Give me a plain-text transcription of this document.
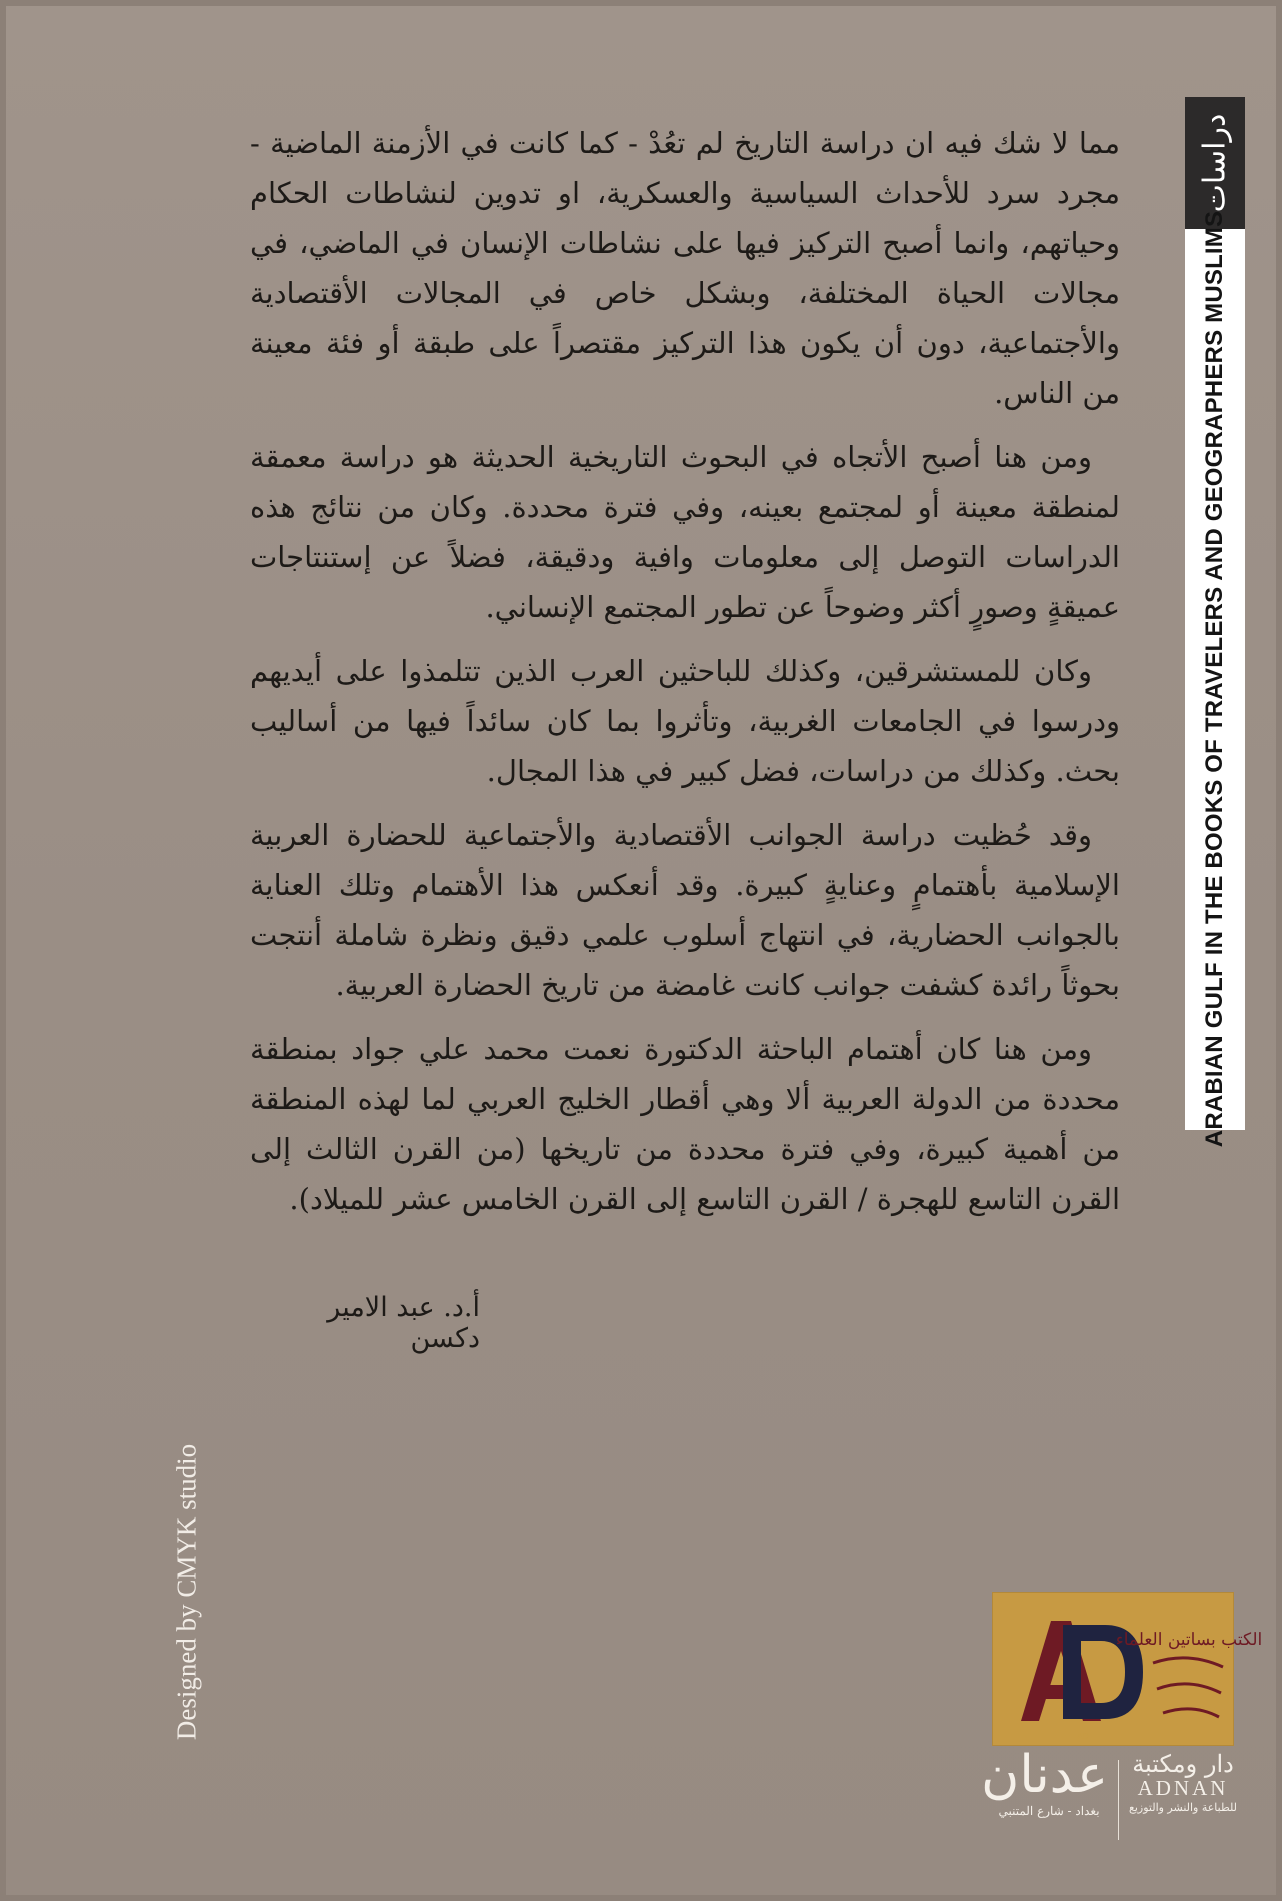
مما لا شك فيه ان دراسة التاريخ لم تعُدْ - كما كانت في الأزمنة الماضية - مجرد سرد للأحداث السياسية والعسكرية، او تدوين لنشاطات الحكام وحياتهم، وانما أصبح التركيز فيها على نشاطات الإنسان في الماضي، في مجالات الحياة المختلفة، وبشكل خاص في المجالات الأقتصادية والأجتماعية، دون أن يكون هذا التركيز مقتصراً على طبقة أو فئة معينة من الناس.

ومن هنا أصبح الأتجاه في البحوث التاريخية الحديثة هو دراسة معمقة لمنطقة معينة أو لمجتمع بعينه، وفي فترة محددة. وكان من نتائج هذه الدراسات التوصل إلى معلومات وافية ودقيقة، فضلاً عن إستنتاجات عميقةٍ وصورٍ أكثر وضوحاً عن تطور المجتمع الإنساني.

وكان للمستشرقين، وكذلك للباحثين العرب الذين تتلمذوا على أيديهم ودرسوا في الجامعات الغربية، وتأثروا بما كان سائداً فيها من أساليب بحث. وكذلك من دراسات، فضل كبير في هذا المجال.

وقد حُظيت دراسة الجوانب الأقتصادية والأجتماعية للحضارة العربية الإسلامية بأهتمامٍ وعنايةٍ كبيرة. وقد أنعكس هذا الأهتمام وتلك العناية بالجوانب الحضارية، في انتهاج أسلوب علمي دقيق ونظرة شاملة أنتجت بحوثاً رائدة كشفت جوانب كانت غامضة من تاريخ الحضارة العربية.

ومن هنا كان أهتمام الباحثة الدكتورة نعمت محمد علي جواد بمنطقة محددة من الدولة العربية ألا وهي أقطار الخليج العربي لما لهذه المنطقة من أهمية كبيرة، وفي فترة محددة من تاريخها (من القرن الثالث إلى القرن التاسع للهجرة / القرن التاسع إلى القرن الخامس عشر للميلاد).

أ.د. عبد الامير دكسن
دراسات
ARABIAN GULF IN THE BOOKS OF TRAVELERS AND GEOGRAPHERS MUSLIMS
Designed by CMYK studio	الكتب بساتين العلماء
AD
عدنان
بغداد - شارع المتنبي
دار ومكتبة
ADNAN
للطباعة والنشر والتوزيع
